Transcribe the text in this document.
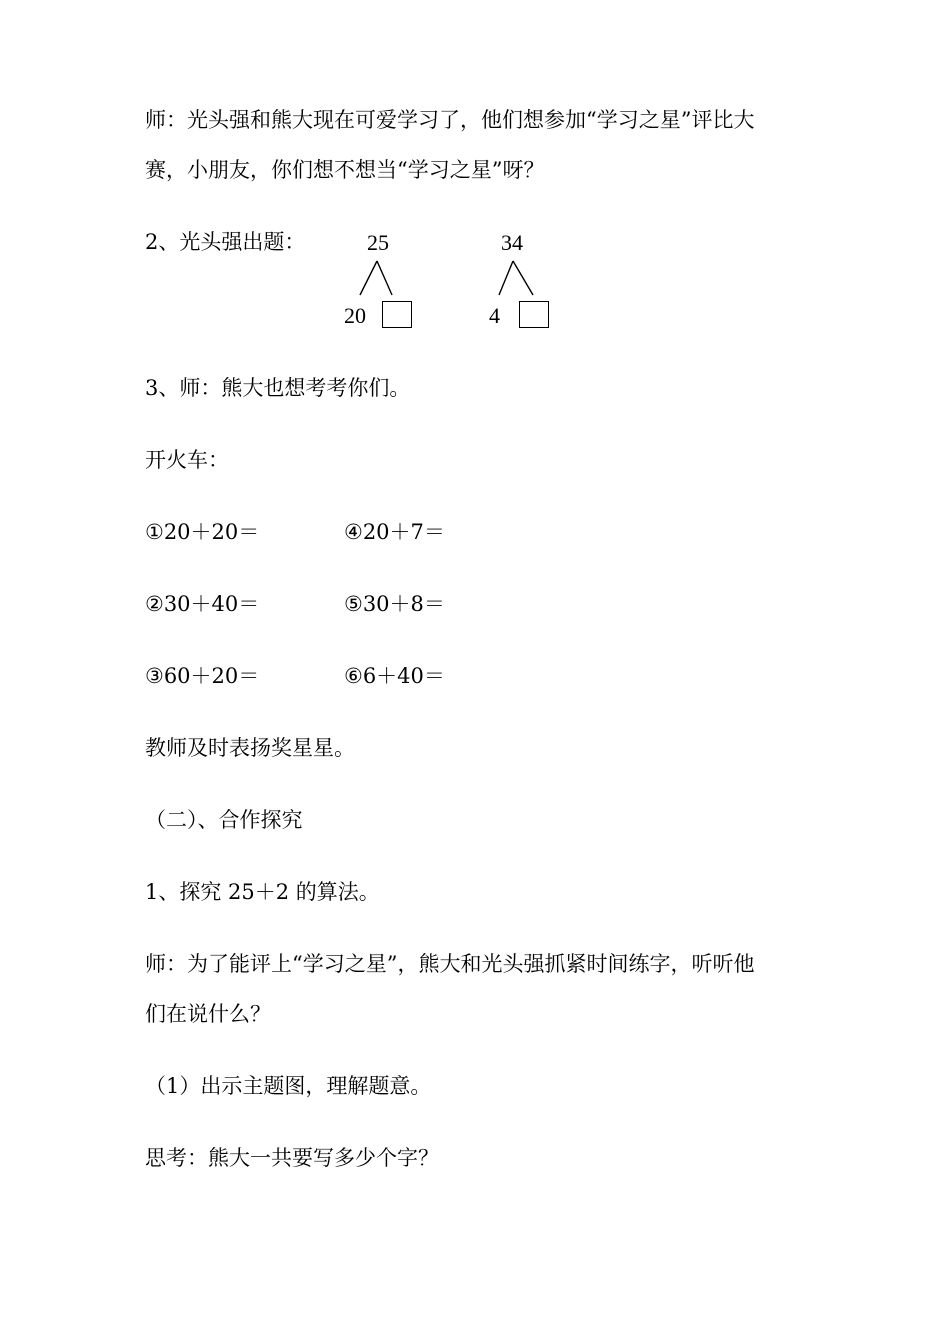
师：光头强和熊大现在可爱学习了，他们想参加“学习之星”评比大
赛，小朋友，你们想不想当“学习之星”呀？
2、光头强出题：	25
20
34
4
3、师：熊大也想考考你们。
开火车：
①20＋20＝	④20＋7＝
②30＋40＝	⑤30＋8＝
③60＋20＝	⑥6＋40＝
教师及时表扬奖星星。
（二）、合作探究
1、探究 25＋2 的算法。
师：为了能评上“学习之星”，熊大和光头强抓紧时间练字，听听他
们在说什么？
（1）出示主题图，理解题意。
思考：熊大一共要写多少个字？
